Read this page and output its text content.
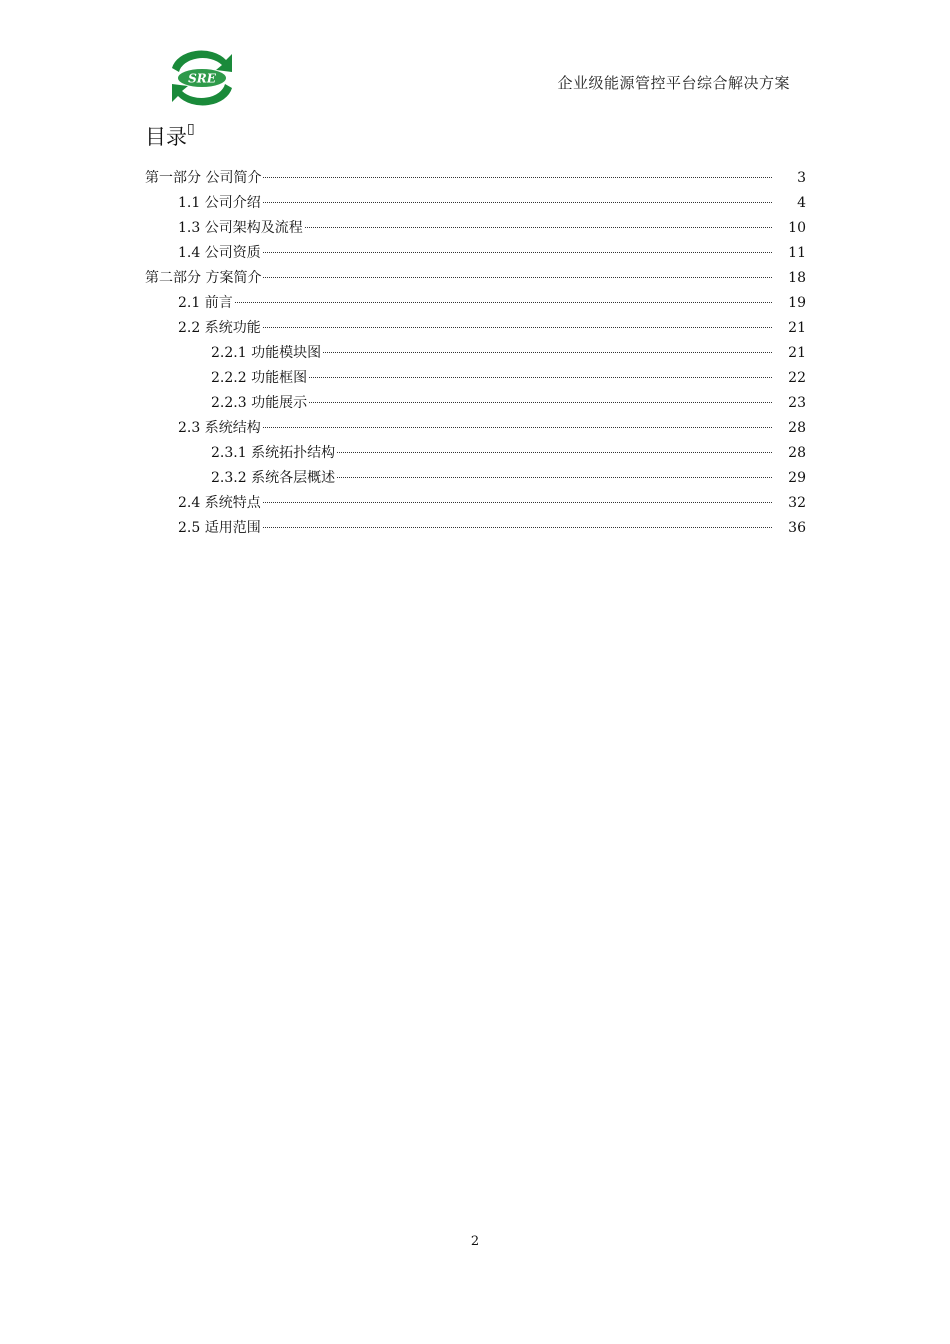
SRE	企业级能源管控平台综合解决方案
目录▯
第一部分 公司简介	3
1.1 公司介绍	4
1.3 公司架构及流程	10
1.4 公司资质	11
第二部分 方案简介	18
2.1 前言	19
2.2 系统功能	21
2.2.1 功能模块图	21
2.2.2 功能框图	22
2.2.3 功能展示	23
2.3 系统结构	28
2.3.1 系统拓扑结构	28
2.3.2 系统各层概述	29
2.4 系统特点	32
2.5 适用范围	36
2
